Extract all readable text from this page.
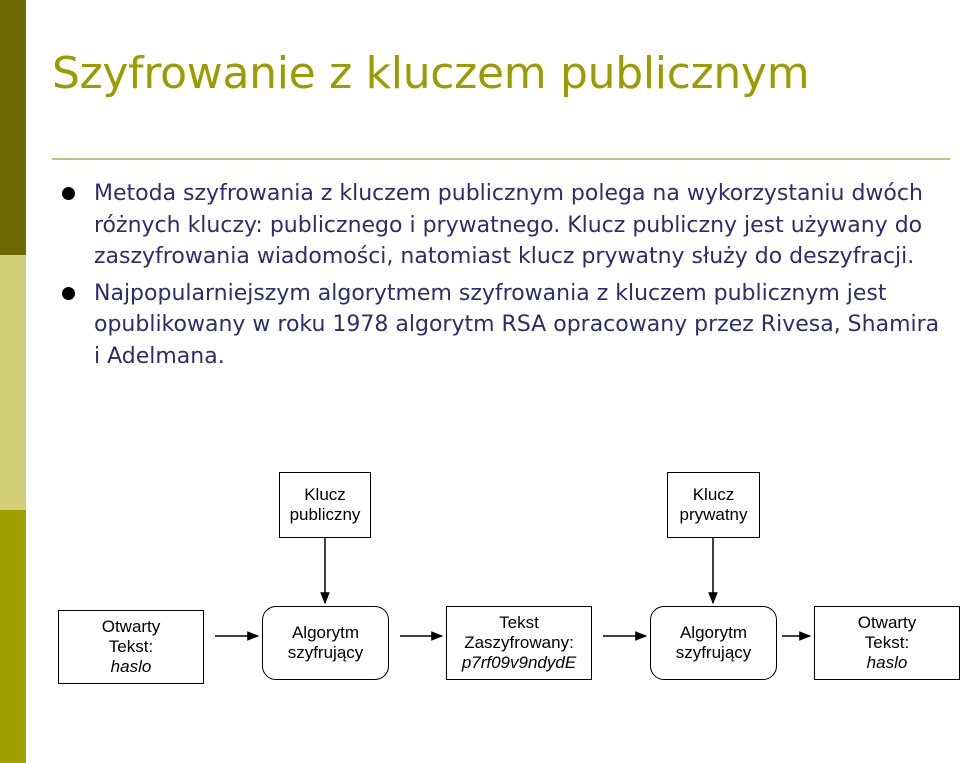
Szyfrowanie z kluczem publicznym
Metoda szyfrowania z kluczem publicznym polega na wykorzystaniu dwóch różnych kluczy: publicznego i prywatnego. Klucz publiczny jest używany do zaszyfrowania wiadomości, natomiast klucz prywatny służy do deszyfracji.
Najpopularniejszym algorytmem szyfrowania z kluczem publicznym jest opublikowany w roku 1978 algorytm RSA opracowany przez Rivesa, Shamira i Adelmana.
Klucz
publiczny
Klucz
prywatny
Otwarty
Tekst:
haslo
Algorytm
szyfrujący
Tekst
Zaszyfrowany:
p7rf09v9ndydE
Algorytm
szyfrujący
Otwarty
Tekst:
haslo
